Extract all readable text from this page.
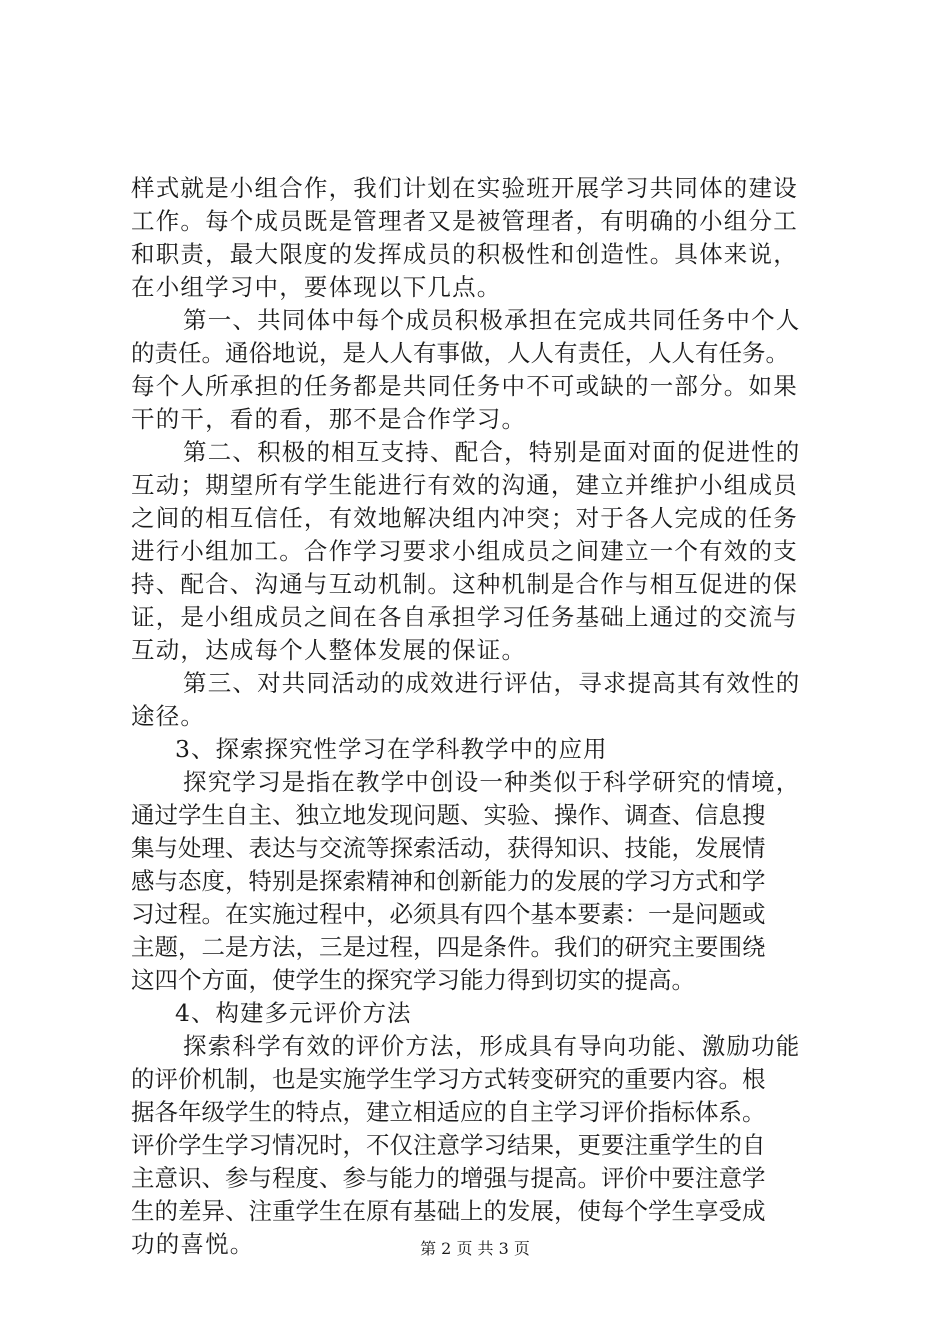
样式就是小组合作，我们计划在实验班开展学习共同体的建设
工作。每个成员既是管理者又是被管理者，有明确的小组分工
和职责，最大限度的发挥成员的积极性和创造性。具体来说，
在小组学习中，要体现以下几点。
第一、共同体中每个成员积极承担在完成共同任务中个人
的责任。通俗地说，是人人有事做，人人有责任，人人有任务。
每个人所承担的任务都是共同任务中不可或缺的一部分。如果
干的干，看的看，那不是合作学习。
第二、积极的相互支持、配合，特别是面对面的促进性的
互动；期望所有学生能进行有效的沟通，建立并维护小组成员
之间的相互信任，有效地解决组内冲突；对于各人完成的任务
进行小组加工。合作学习要求小组成员之间建立一个有效的支
持、配合、沟通与互动机制。这种机制是合作与相互促进的保
证，是小组成员之间在各自承担学习任务基础上通过的交流与
互动，达成每个人整体发展的保证。
第三、对共同活动的成效进行评估，寻求提高其有效性的
途径。
3、探索探究性学习在学科教学中的应用
探究学习是指在教学中创设一种类似于科学研究的情境，
通过学生自主、独立地发现问题、实验、操作、调查、信息搜
集与处理、表达与交流等探索活动，获得知识、技能，发展情
感与态度，特别是探索精神和创新能力的发展的学习方式和学
习过程。在实施过程中，必须具有四个基本要素：一是问题或
主题，二是方法，三是过程，四是条件。我们的研究主要围绕
这四个方面，使学生的探究学习能力得到切实的提高。
4、构建多元评价方法
探索科学有效的评价方法，形成具有导向功能、激励功能
的评价机制，也是实施学生学习方式转变研究的重要内容。根
据各年级学生的特点，建立相适应的自主学习评价指标体系。
评价学生学习情况时，不仅注意学习结果，更要注重学生的自
主意识、参与程度、参与能力的增强与提高。评价中要注意学
生的差异、注重学生在原有基础上的发展，使每个学生享受成
功的喜悦。	第 2 页 共 3 页
